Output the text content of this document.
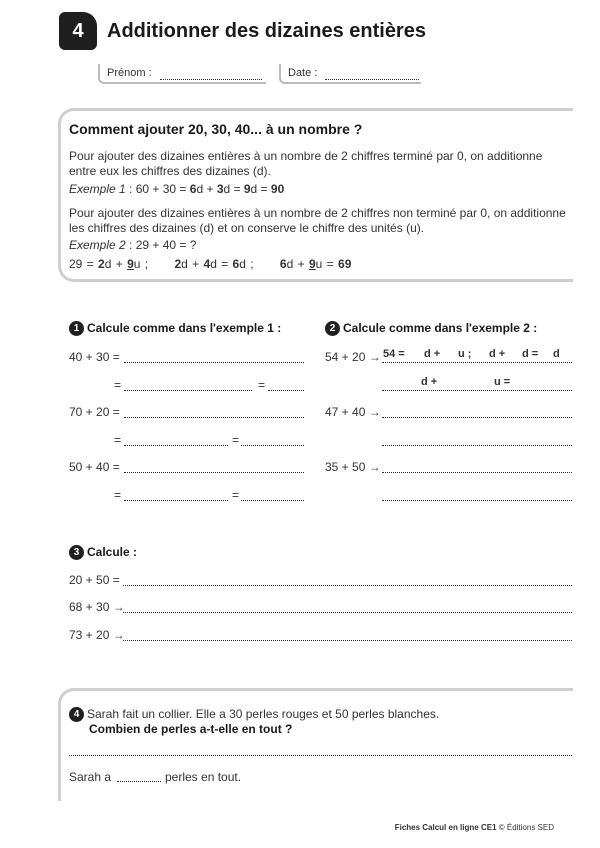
4	Additionner des dizaines entières
Prénom :	Date :
Comment ajouter 20, 30, 40... à un nombre ?
Pour ajouter des dizaines entières à un nombre de 2 chiffres terminé par 0, on additionne entre eux les chiffres des dizaines (d).
Exemple 1 : 60 + 30 = 6d + 3d = 9d = 90
Pour ajouter des dizaines entières à un nombre de 2 chiffres non terminé par 0, on additionne les chiffres des dizaines (d) et on conserve le chiffre des unités (u).
Exemple 2 : 29 + 40 = ?
29 = 2d + 9u ; 2d + 4d = 6d ; 6d + 9u = 69
1 Calcule comme dans l'exemple 1 :
40 + 30 =
=	=
70 + 20 =
=	=
50 + 40 =
=	=
2 Calcule comme dans l'exemple 2 :
54 + 20 → 54 = d + u ; d + d = d
d +	u =
47 + 40 →
35 + 50 →
3 Calcule :
20 + 50 =
68 + 30 →
73 + 20 →
4 Sarah fait un collier. Elle a 30 perles rouges et 50 perles blanches.
Combien de perles a-t-elle en tout ?
Sarah a	perles en tout.
Fiches Calcul en ligne CE1 © Éditions SED
